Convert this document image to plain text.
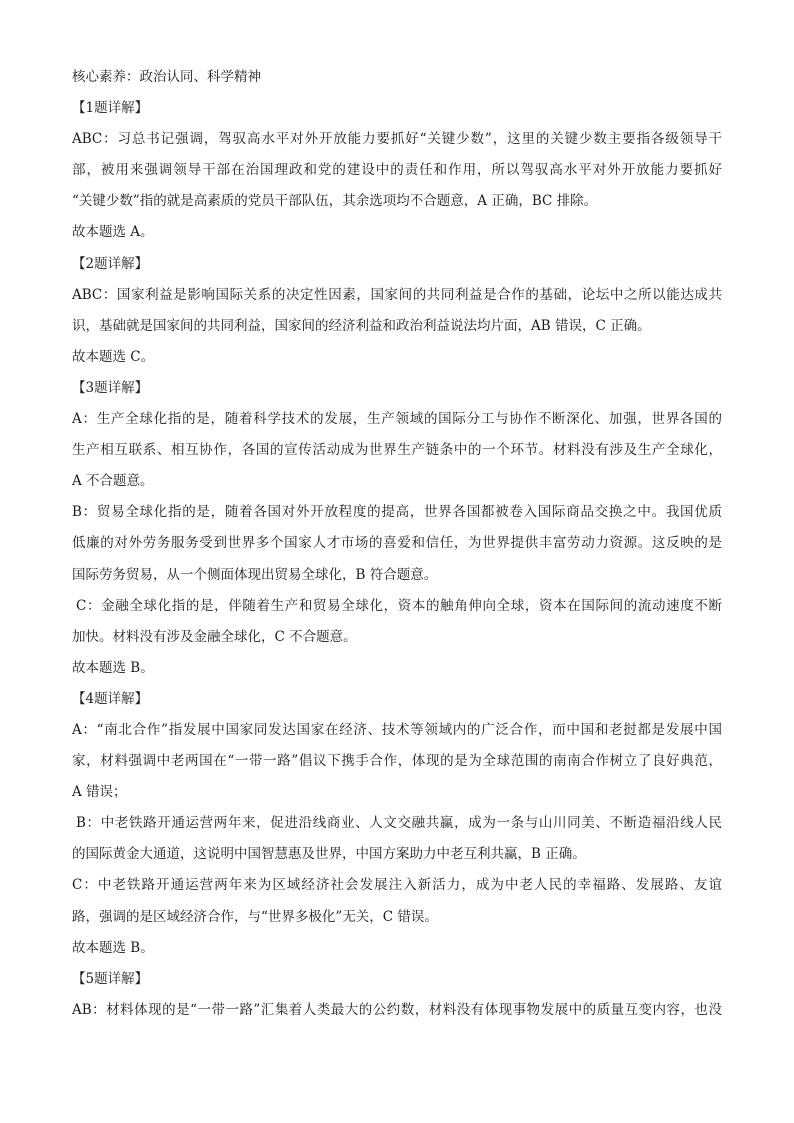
核心素养：政治认同、科学精神
【1题详解】
ABC：习总书记强调，驾驭高水平对外开放能力要抓好“关键少数”，这里的关键少数主要指各级领导干
部，被用来强调领导干部在治国理政和党的建设中的责任和作用，所以驾驭高水平对外开放能力要抓好
“关键少数”指的就是高素质的党员干部队伍，其余选项均不合题意，A 正确，BC 排除。
故本题选 A。
【2题详解】
ABC：国家利益是影响国际关系的决定性因素，国家间的共同利益是合作的基础，论坛中之所以能达成共
识，基础就是国家间的共同利益，国家间的经济利益和政治利益说法均片面，AB 错误，C 正确。
故本题选 C。
【3题详解】
A：生产全球化指的是，随着科学技术的发展，生产领域的国际分工与协作不断深化、加强，世界各国的
生产相互联系、相互协作，各国的宣传活动成为世界生产链条中的一个环节。材料没有涉及生产全球化，
A 不合题意。
B：贸易全球化指的是，随着各国对外开放程度的提高，世界各国都被卷入国际商品交换之中。我国优质
低廉的对外劳务服务受到世界多个国家人才市场的喜爱和信任，为世界提供丰富劳动力资源。这反映的是
国际劳务贸易，从一个侧面体现出贸易全球化，B 符合题意。
C：金融全球化指的是，伴随着生产和贸易全球化，资本的触角伸向全球，资本在国际间的流动速度不断
加快。材料没有涉及金融全球化，C 不合题意。
故本题选 B。
【4题详解】
A：“南北合作”指发展中国家同发达国家在经济、技术等领域内的广泛合作，而中国和老挝都是发展中国
家，材料强调中老两国在“一带一路”倡议下携手合作，体现的是为全球范围的南南合作树立了良好典范，
A 错误；
B：中老铁路开通运营两年来，促进沿线商业、人文交融共赢，成为一条与山川同美、不断造福沿线人民
的国际黄金大通道，这说明中国智慧惠及世界，中国方案助力中老互利共赢，B 正确。
C：中老铁路开通运营两年来为区域经济社会发展注入新活力，成为中老人民的幸福路、发展路、友谊
路，强调的是区域经济合作，与“世界多极化”无关，C 错误。
故本题选 B。
【5题详解】
AB：材料体现的是“一带一路”汇集着人类最大的公约数，材料没有体现事物发展中的质量互变内容，也没
